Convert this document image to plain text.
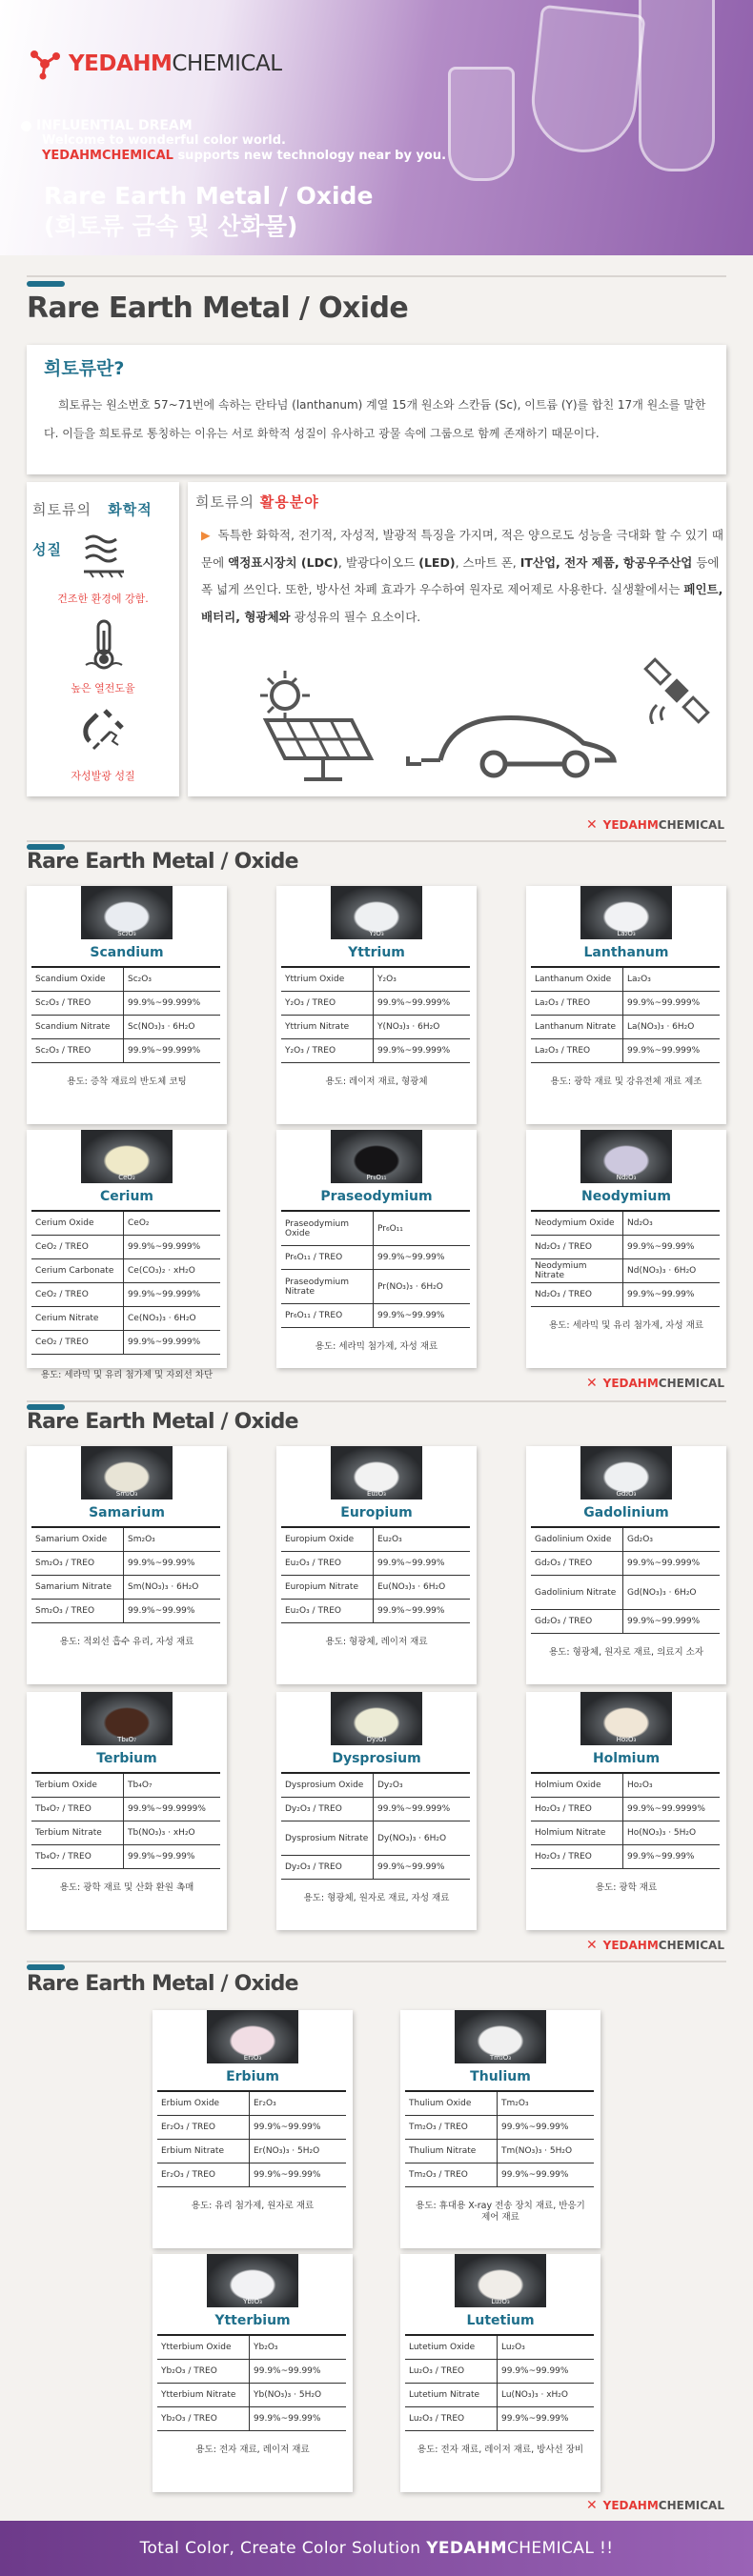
YEDAHMCHEMICAL
INFLUENTIAL DREAM
Welcome to wonderful color world.
YEDAHMCHEMICAL supports new technology near by you.
Rare Earth Metal / Oxide
(희토류 금속 및 산화물)
Rare Earth Metal / Oxide
희토류란?
희토류는 원소번호 57~71번에 속하는 란타넘 (lanthanum) 계열 15개 원소와 스칸듐 (Sc), 이트륨 (Y)를 합친 17개 원소를 말한다. 이들을 희토류로 통칭하는 이유는 서로 화학적 성질이 유사하고 광물 속에 그룹으로 함께 존재하기 때문이다.
희토류의   화학적
성질
건조한 환경에 강함.
높은 열전도율
자성발광 성질
희토류의 활용분야
▶ 독특한 화학적, 전기적, 자성적, 발광적 특징을 가지며, 적은 양으로도 성능을 극대화 할 수 있기 때문에 액정표시장치 (LDC), 발광다이오드 (LED), 스마트 폰, IT산업, 전자 제품, 항공우주산업 등에 폭 넓게 쓰인다. 또한, 방사선 차폐 효과가 우수하여 원자로 제어제로 사용한다. 실생활에서는 페인트, 배터리, 형광체와 광성유의 필수 요소이다.
✕ YEDAHMCHEMICAL
Rare Earth Metal / Oxide
✕ YEDAHMCHEMICAL
Rare Earth Metal / Oxide
✕ YEDAHMCHEMICAL
Rare Earth Metal / Oxide
✕ YEDAHMCHEMICAL
Sc₂O₃
Scandium
Scandium Oxide	Sc₂O₃
Sc₂O₃ / TREO	99.9%~99.999%
Scandium Nitrate	Sc(NO₃)₃ · 6H₂O
Sc₂O₃ / TREO	99.9%~99.999%
용도: 증착 재료의 반도체 코팅
Y₂O₃
Yttrium
Yttrium Oxide	Y₂O₃
Y₂O₃ / TREO	99.9%~99.999%
Yttrium Nitrate	Y(NO₃)₃ · 6H₂O
Y₂O₃ / TREO	99.9%~99.999%
용도: 레이저 재료, 형광체
La₂O₃
Lanthanum
Lanthanum Oxide	La₂O₃
La₂O₃ / TREO	99.9%~99.999%
Lanthanum Nitrate	La(NO₃)₃ · 6H₂O
La₂O₃ / TREO	99.9%~99.999%
용도: 광학 재료 및 강유전체 재료 제조
CeO₂
Cerium
Cerium Oxide	CeO₂
CeO₂ / TREO	99.9%~99.999%
Cerium Carbonate	Ce(CO₃)₂ · xH₂O
CeO₂ / TREO	99.9%~99.999%
Cerium Nitrate	Ce(NO₃)₃ · 6H₂O
CeO₂ / TREO	99.9%~99.999%
용도: 세라믹 및 유리 첨가제 및 자외선 차단
Pr₆O₁₁
Praseodymium
Praseodymium Oxide	Pr₆O₁₁
Pr₆O₁₁ / TREO	99.9%~99.99%
Praseodymium Nitrate	Pr(NO₃)₃ · 6H₂O
Pr₆O₁₁ / TREO	99.9%~99.99%
용도: 세라믹 첨가제, 자성 재료
Nd₂O₃
Neodymium
Neodymium Oxide	Nd₂O₃
Nd₂O₃ / TREO	99.9%~99.99%
Neodymium Nitrate	Nd(NO₃)₃ · 6H₂O
Nd₂O₃ / TREO	99.9%~99.99%
용도: 세라믹 및 유리 첨가제, 자성 재료
Sm₂O₃
Samarium
Samarium Oxide	Sm₂O₃
Sm₂O₃ / TREO	99.9%~99.99%
Samarium Nitrate	Sm(NO₃)₃ · 6H₂O
Sm₂O₃ / TREO	99.9%~99.99%
용도: 적외선 흡수 유리, 자성 재료
Eu₂O₃
Europium
Europium Oxide	Eu₂O₃
Eu₂O₃ / TREO	99.9%~99.99%
Europium Nitrate	Eu(NO₃)₃ · 6H₂O
Eu₂O₃ / TREO	99.9%~99.99%
용도: 형광체, 레이저 재료
Gd₂O₃
Gadolinium
Gadolinium Oxide	Gd₂O₃
Gd₂O₃ / TREO	99.9%~99.999%
Gadolinium Nitrate	Gd(NO₃)₃ · 6H₂O
Gd₂O₃ / TREO	99.9%~99.999%
용도: 형광체, 원자로 재료, 의료지 소자
Tb₄O₇
Terbium
Terbium Oxide	Tb₄O₇
Tb₄O₇ / TREO	99.9%~99.9999%
Terbium Nitrate	Tb(NO₃)₃ · xH₂O
Tb₄O₇ / TREO	99.9%~99.99%
용도: 광학 재료 및 산화 환원 촉매
Dy₂O₃
Dysprosium
Dysprosium Oxide	Dy₂O₃
Dy₂O₃ / TREO	99.9%~99.999%
Dysprosium Nitrate	Dy(NO₃)₃ · 6H₂O
Dy₂O₃ / TREO	99.9%~99.99%
용도: 형광체, 원자로 재료, 자성 재료
Ho₂O₃
Holmium
Holmium Oxide	Ho₂O₃
Ho₂O₃ / TREO	99.9%~99.9999%
Holmium Nitrate	Ho(NO₃)₃ · 5H₂O
Ho₂O₃ / TREO	99.9%~99.99%
용도: 광학 재료
Er₂O₃
Erbium
Erbium Oxide	Er₂O₃
Er₂O₃ / TREO	99.9%~99.99%
Erbium Nitrate	Er(NO₃)₃ · 5H₂O
Er₂O₃ / TREO	99.9%~99.99%
용도: 유리 첨가제, 원자로 재료
Tm₂O₃
Thulium
Thulium Oxide	Tm₂O₃
Tm₂O₃ / TREO	99.9%~99.99%
Thulium Nitrate	Tm(NO₃)₃ · 5H₂O
Tm₂O₃ / TREO	99.9%~99.99%
용도: 휴대용 X-ray 전송 장치 재료, 반응기 제어 재료
Yb₂O₃
Ytterbium
Ytterbium Oxide	Yb₂O₃
Yb₂O₃ / TREO	99.9%~99.99%
Ytterbium Nitrate	Yb(NO₃)₃ · 5H₂O
Yb₂O₃ / TREO	99.9%~99.99%
용도: 전자 재료, 레이저 재료
Lu₂O₃
Lutetium
Lutetium Oxide	Lu₂O₃
Lu₂O₃ / TREO	99.9%~99.99%
Lutetium Nitrate	Lu(NO₃)₃ · xH₂O
Lu₂O₃ / TREO	99.9%~99.99%
용도: 전자 재료, 레이저 재료, 방사선 장비
Total Color, Create Color Solution YEDAHMCHEMICAL !!
